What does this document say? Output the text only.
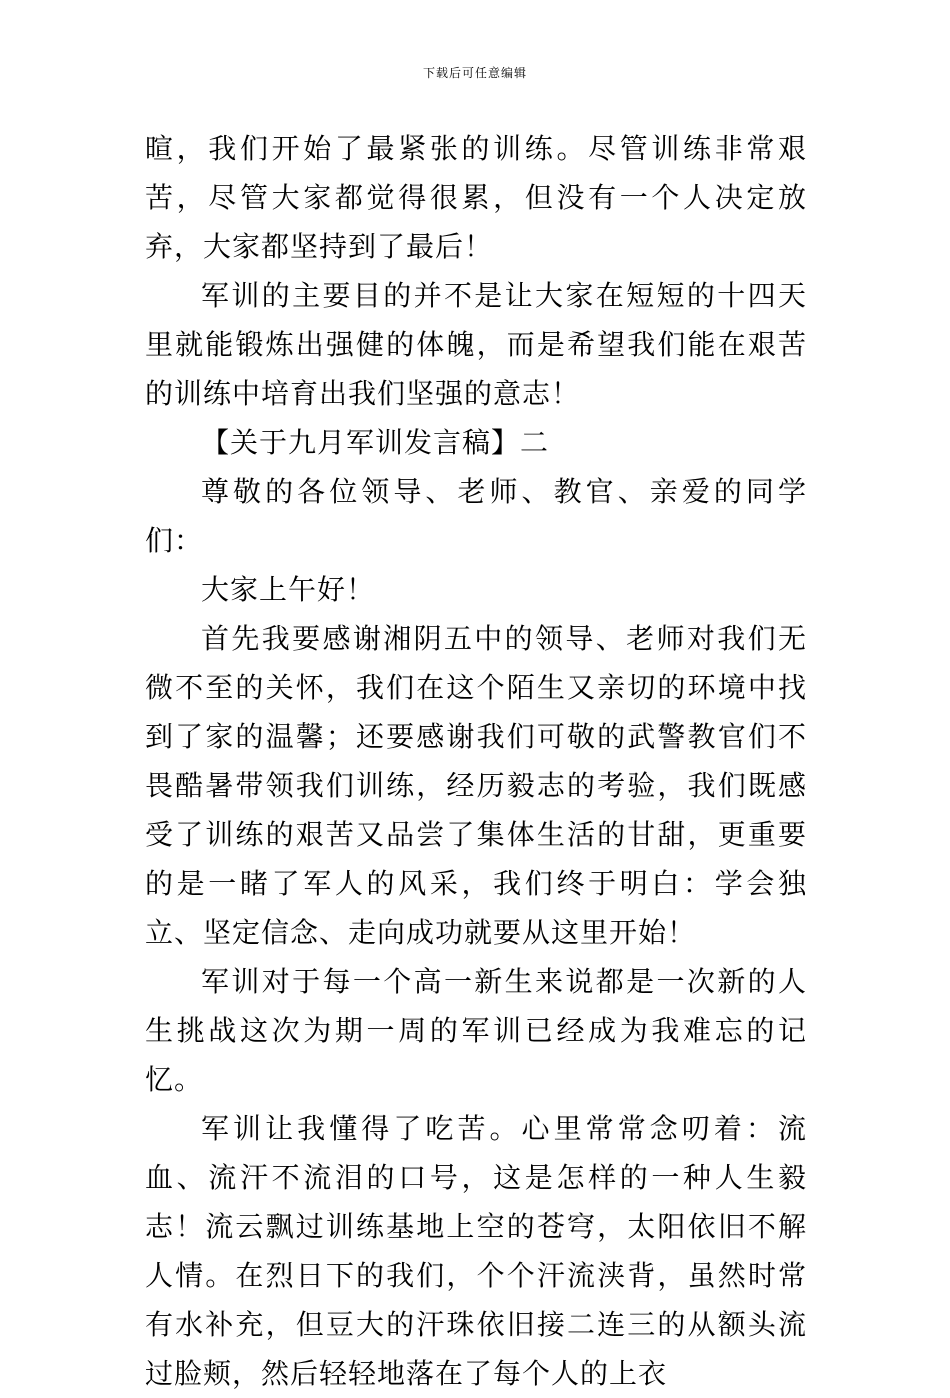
下载后可任意编辑

暄，我们开始了最紧张的训练。尽管训练非常艰苦，尽管大家都觉得很累，但没有一个人决定放弃，大家都坚持到了最后！

军训的主要目的并不是让大家在短短的十四天里就能锻炼出强健的体魄，而是希望我们能在艰苦的训练中培育出我们坚强的意志！

【关于九月军训发言稿】二

尊敬的各位领导、老师、教官、亲爱的同学们：

大家上午好！

首先我要感谢湘阴五中的领导、老师对我们无微不至的关怀，我们在这个陌生又亲切的环境中找到了家的温馨；还要感谢我们可敬的武警教官们不畏酷暑带领我们训练，经历毅志的考验，我们既感受了训练的艰苦又品尝了集体生活的甘甜，更重要的是一睹了军人的风采，我们终于明白：学会独立、坚定信念、走向成功就要从这里开始！

军训对于每一个高一新生来说都是一次新的人生挑战这次为期一周的军训已经成为我难忘的记忆。

军训让我懂得了吃苦。心里常常念叨着：流血、流汗不流泪的口号，这是怎样的一种人生毅志！流云飘过训练基地上空的苍穹，太阳依旧不解人情。在烈日下的我们，个个汗流浃背，虽然时常有水补充，但豆大的汗珠依旧接二连三的从额头流过脸颊，然后轻轻地落在了每个人的上衣
